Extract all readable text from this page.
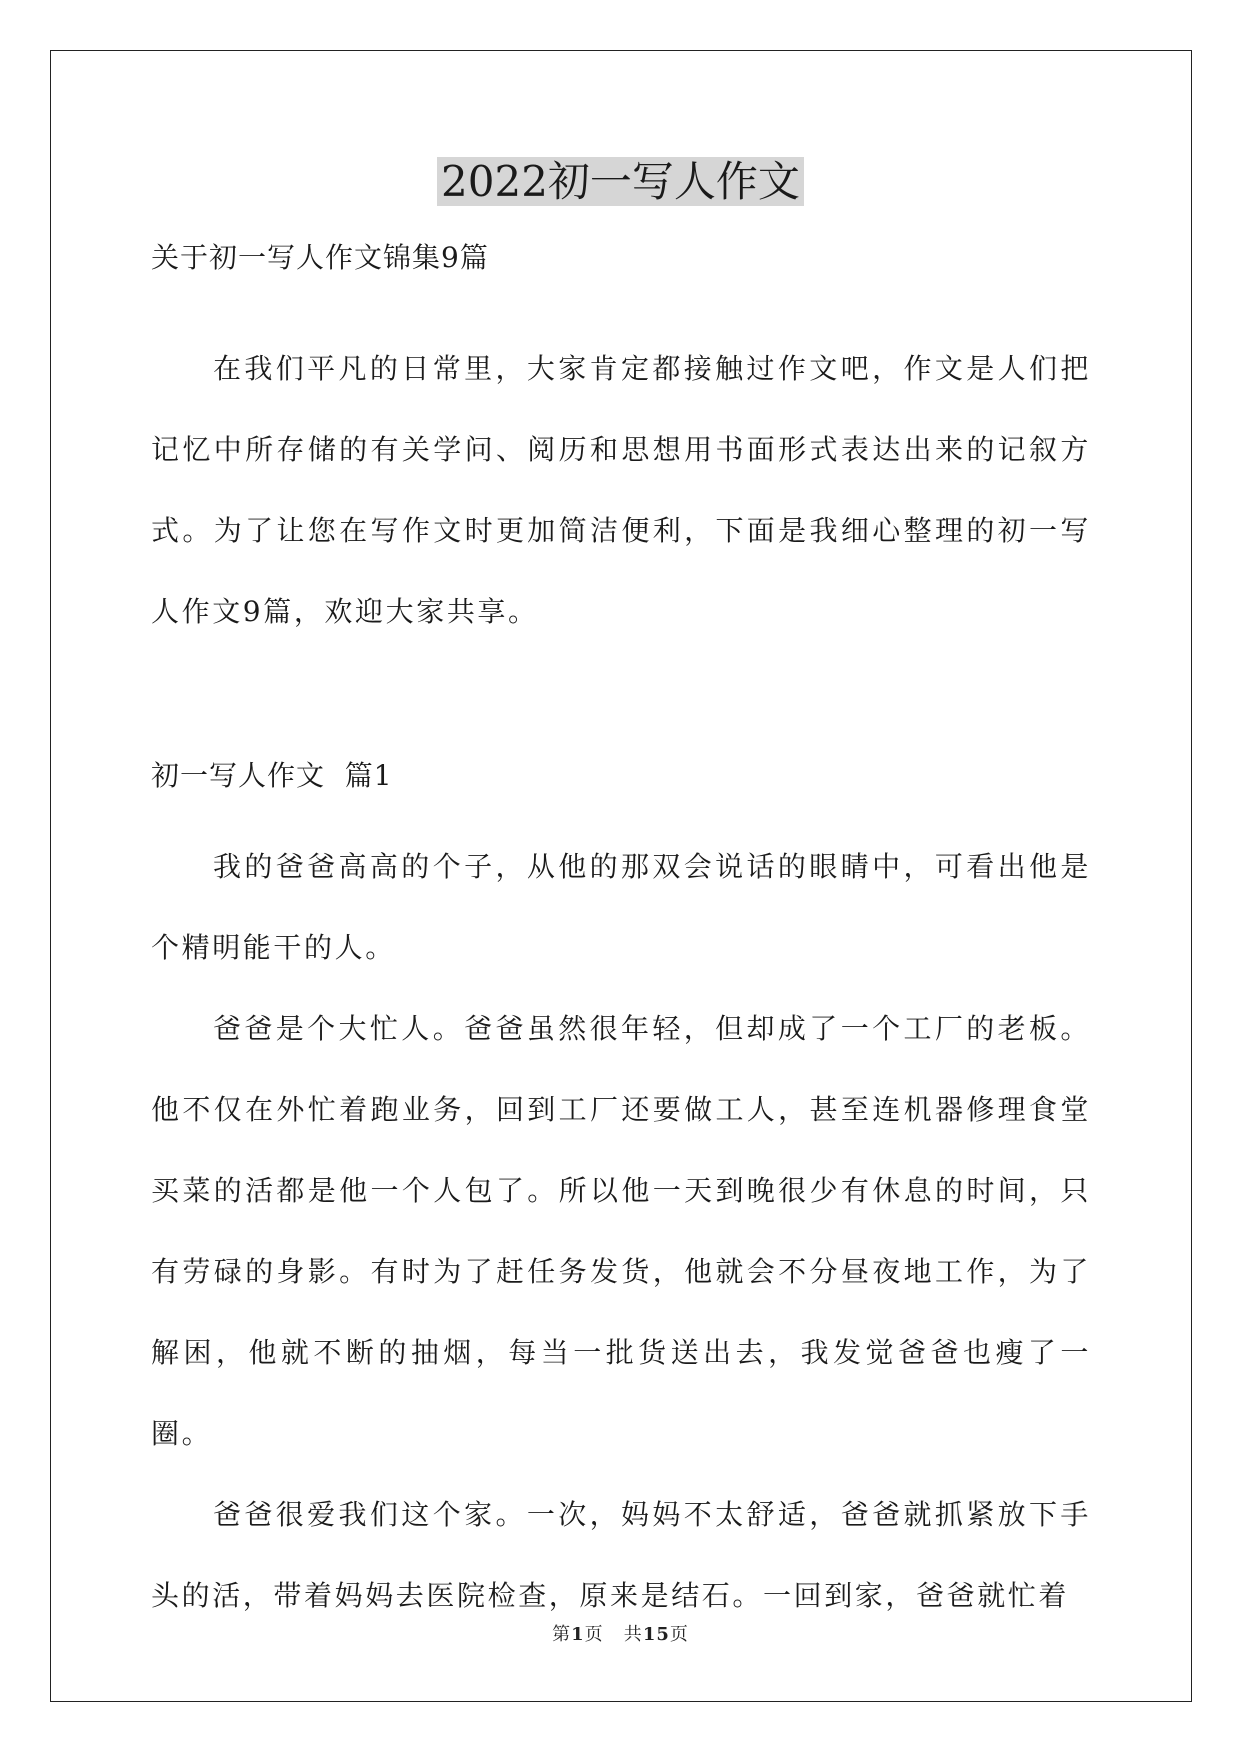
2022初一写人作文

关于初一写人作文锦集9篇

在我们平凡的日常里，大家肯定都接触过作文吧，作文是人们把记忆中所存储的有关学问、阅历和思想用书面形式表达出来的记叙方式。为了让您在写作文时更加简洁便利，下面是我细心整理的初一写人作文9篇，欢迎大家共享。

初一写人作文  篇1

我的爸爸高高的个子，从他的那双会说话的眼睛中，可看出他是个精明能干的人。

爸爸是个大忙人。爸爸虽然很年轻，但却成了一个工厂的老板。他不仅在外忙着跑业务，回到工厂还要做工人，甚至连机器修理食堂买菜的活都是他一个人包了。所以他一天到晚很少有休息的时间，只有劳碌的身影。有时为了赶任务发货，他就会不分昼夜地工作，为了解困，他就不断的抽烟，每当一批货送出去，我发觉爸爸也瘦了一圈。

爸爸很爱我们这个家。一次，妈妈不太舒适，爸爸就抓紧放下手头的活，带着妈妈去医院检查，原来是结石。一回到家，爸爸就忙着

第1页   共15页
